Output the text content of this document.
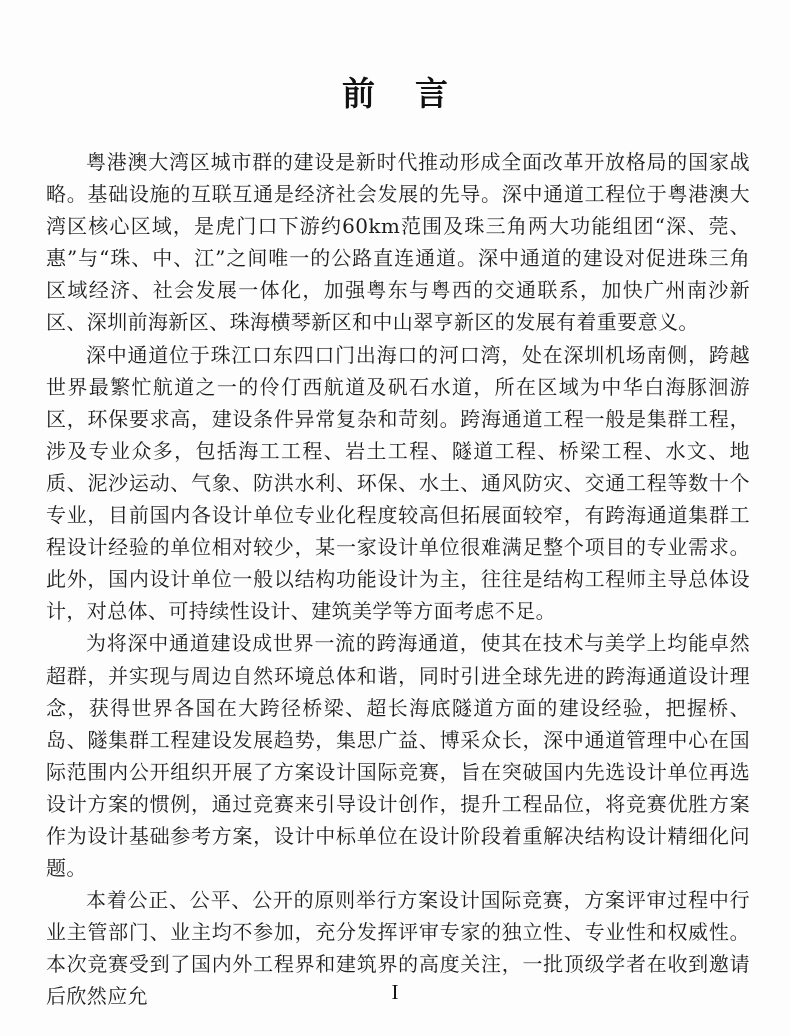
前言

粤港澳大湾区城市群的建设是新时代推动形成全面改革开放格局的国家战略。基础设施的互联互通是经济社会发展的先导。深中通道工程位于粤港澳大湾区核心区域，是虎门口下游约60km范围及珠三角两大功能组团“深、莞、惠”与“珠、中、江”之间唯一的公路直连通道。深中通道的建设对促进珠三角区域经济、社会发展一体化，加强粤东与粤西的交通联系，加快广州南沙新区、深圳前海新区、珠海横琴新区和中山翠亨新区的发展有着重要意义。

深中通道位于珠江口东四口门出海口的河口湾，处在深圳机场南侧，跨越世界最繁忙航道之一的伶仃西航道及矾石水道，所在区域为中华白海豚洄游区，环保要求高，建设条件异常复杂和苛刻。跨海通道工程一般是集群工程，涉及专业众多，包括海工工程、岩土工程、隧道工程、桥梁工程、水文、地质、泥沙运动、气象、防洪水利、环保、水土、通风防灾、交通工程等数十个专业，目前国内各设计单位专业化程度较高但拓展面较窄，有跨海通道集群工程设计经验的单位相对较少，某一家设计单位很难满足整个项目的专业需求。此外，国内设计单位一般以结构功能设计为主，往往是结构工程师主导总体设计，对总体、可持续性设计、建筑美学等方面考虑不足。

为将深中通道建设成世界一流的跨海通道，使其在技术与美学上均能卓然超群，并实现与周边自然环境总体和谐，同时引进全球先进的跨海通道设计理念，获得世界各国在大跨径桥梁、超长海底隧道方面的建设经验，把握桥、岛、隧集群工程建设发展趋势，集思广益、博采众长，深中通道管理中心在国际范围内公开组织开展了方案设计国际竞赛，旨在突破国内先选设计单位再选设计方案的惯例，通过竞赛来引导设计创作，提升工程品位，将竞赛优胜方案作为设计基础参考方案，设计中标单位在设计阶段着重解决结构设计精细化问题。

本着公正、公平、公开的原则举行方案设计国际竞赛，方案评审过程中行业主管部门、业主均不参加，充分发挥评审专家的独立性、专业性和权威性。本次竞赛受到了国内外工程界和建筑界的高度关注，一批顶级学者在收到邀请后欣然应允	I
